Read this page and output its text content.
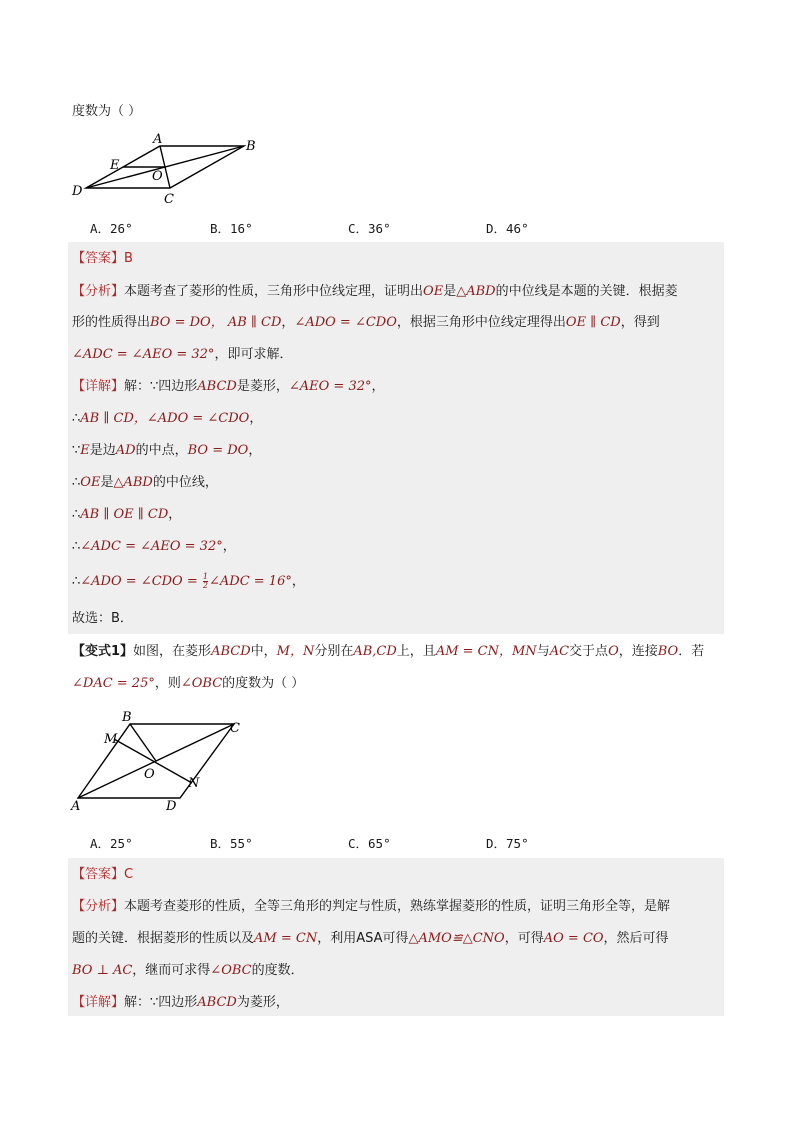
度数为（ ）
A	B
C
D
E
O
A．26°	B．16°	C．36°	D．46°
【答案】B
【分析】本题考查了菱形的性质，三角形中位线定理，证明出OE是△ABD的中位线是本题的关键．根据菱
形的性质得出BO = DO， AB ∥ CD，∠ADO = ∠CDO，根据三角形中位线定理得出OE ∥ CD，得到
∠ADC = ∠AEO = 32°，即可求解．
【详解】解：∵四边形ABCD是菱形，∠AEO = 32°，
∴AB ∥ CD，∠ADO = ∠CDO，
∵E是边AD的中点，BO = DO，
∴OE是△ABD的中位线，
∴AB ∥ OE ∥ CD，
∴∠ADC = ∠AEO = 32°，
∴∠ADO = ∠CDO = $\frac{1}{2}$ ∠ADC = 16°，
故选：B．
【变式1】如图，在菱形ABCD中，M，N分别在AB,CD上，且AM = CN，MN与AC交于点O，连接BO．若
∠DAC = 25°，则∠OBC的度数为（ ）
A
B
C
D
M
N
O
A．25°	B．55°	C．65°	D．75°
【答案】C
【分析】本题考查菱形的性质，全等三角形的判定与性质，熟练掌握菱形的性质，证明三角形全等，是解
题的关键．根据菱形的性质以及AM = CN，利用ASA可得△AMO≌△CNO，可得AO = CO，然后可得
BO ⊥ AC，继而可求得∠OBC的度数．
【详解】解：∵四边形ABCD为菱形，
